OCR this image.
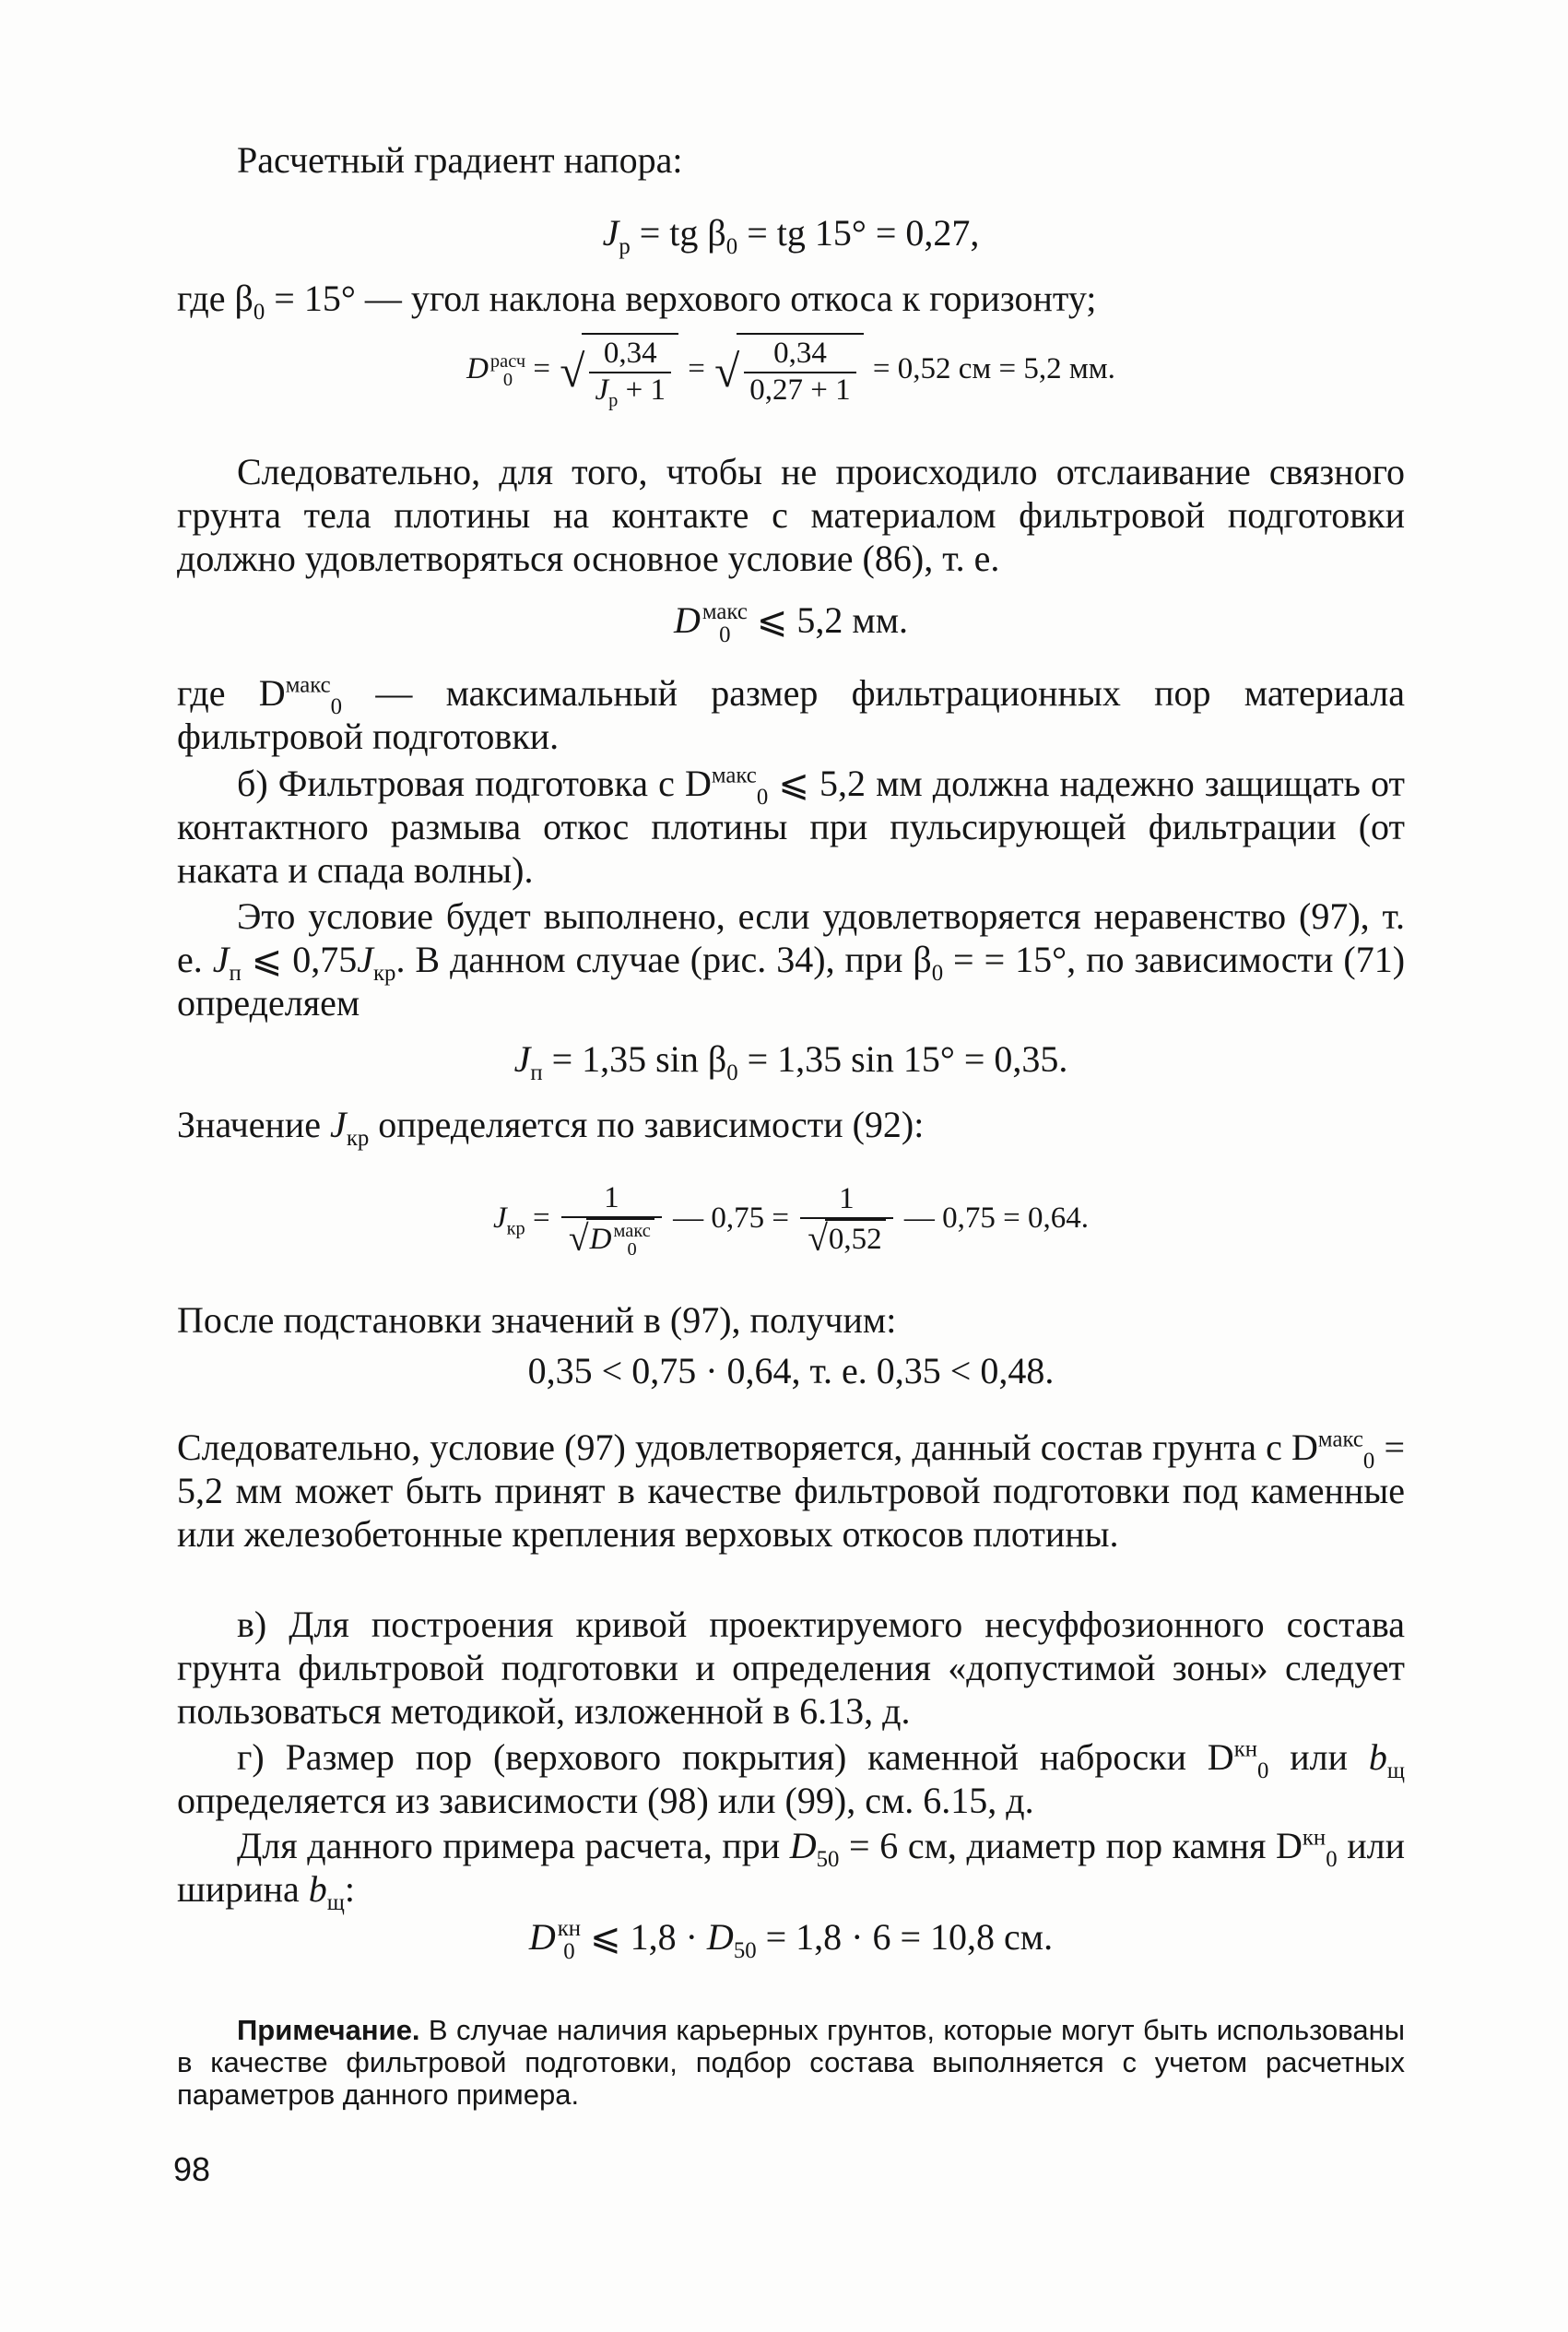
Расчетный градиент напора:

$J_р$ = tg $\beta_0$ = tg 15° = 0,27,

где $\beta_0 = 15^\circ$ — угол наклона верхового откоса к горизонту;

D расч
0 = √ $\frac{0,34}{J_р + 1}$ = √ $\frac{0,34}{0,27 + 1} = 0,52$ см = 5,2 мм.

Следовательно, для того, чтобы не происходило отслаивание связного грунта тела плотины на контакте с материалом фильтровой подготовки должно удовлетворяться основное условие (86), т. е.

D макс
0 ⩽ 5,2 мм.

где $D^{макс}_0$ — максимальный размер фильтрационных пор материала фильтровой подготовки.

б) Фильтровая подготовка с $D^{макс}_0$ ⩽ 5,2 мм должна надежно защищать от контактного размыва откос плотины при пульсирующей фильтрации (от наката и спада волны).

Это условие будет выполнено, если удовлетворяется неравенство (97), т. е. $J_п$ ⩽ $0,75J_{кр}$. В данном случае (рис. 34), при $\beta_0$ = = 15°, по зависимости (71) определяем

$J_п = 1,35$ $\sin \beta_0 = 1,35$ sin 15° = 0,35.

Значение $J_{кр}$ определяется по зависимости (92):

$J_{кр} = 1$
√ D макс
0 — $0,75 = \frac{1}{√ 0,52}$ — 0,75 = 0,64.

После подстановки значений в (97), получим:

0,35 < 0,75 · 0,64, т. е. 0,35 < 0,48.

Следовательно, условие (97) удовлетворяется, данный состав грунта с $D^{макс}_0 = 5,2$ мм может быть принят в качестве фильтровой подготовки под каменные или железобетонные крепления верховых откосов плотины.

в) Для построения кривой проектируемого несуффозионного состава грунта фильтровой подготовки и определения «допустимой зоны» следует пользоваться методикой, изложенной в 6.13, д.

г) Размер пор (верхового покрытия) каменной наброски $D^{кн}_0$ или $b_щ$ определяется из зависимости (98) или (99), см. 6.15, д.

Для данного примера расчета, при $D_{50} = 6$ см, диаметр пор камня $D^{кн}_0$ или ширина $b_щ$:

D кн
0 ⩽ $1,8 \cdot D_{50} = 1,8 \cdot 6 = 10,8$ см.

Примечание. В случае наличия карьерных грунтов, которые могут быть использованы в качестве фильтровой подготовки, подбор состава выполняется с учетом расчетных параметров данного примера.

98
